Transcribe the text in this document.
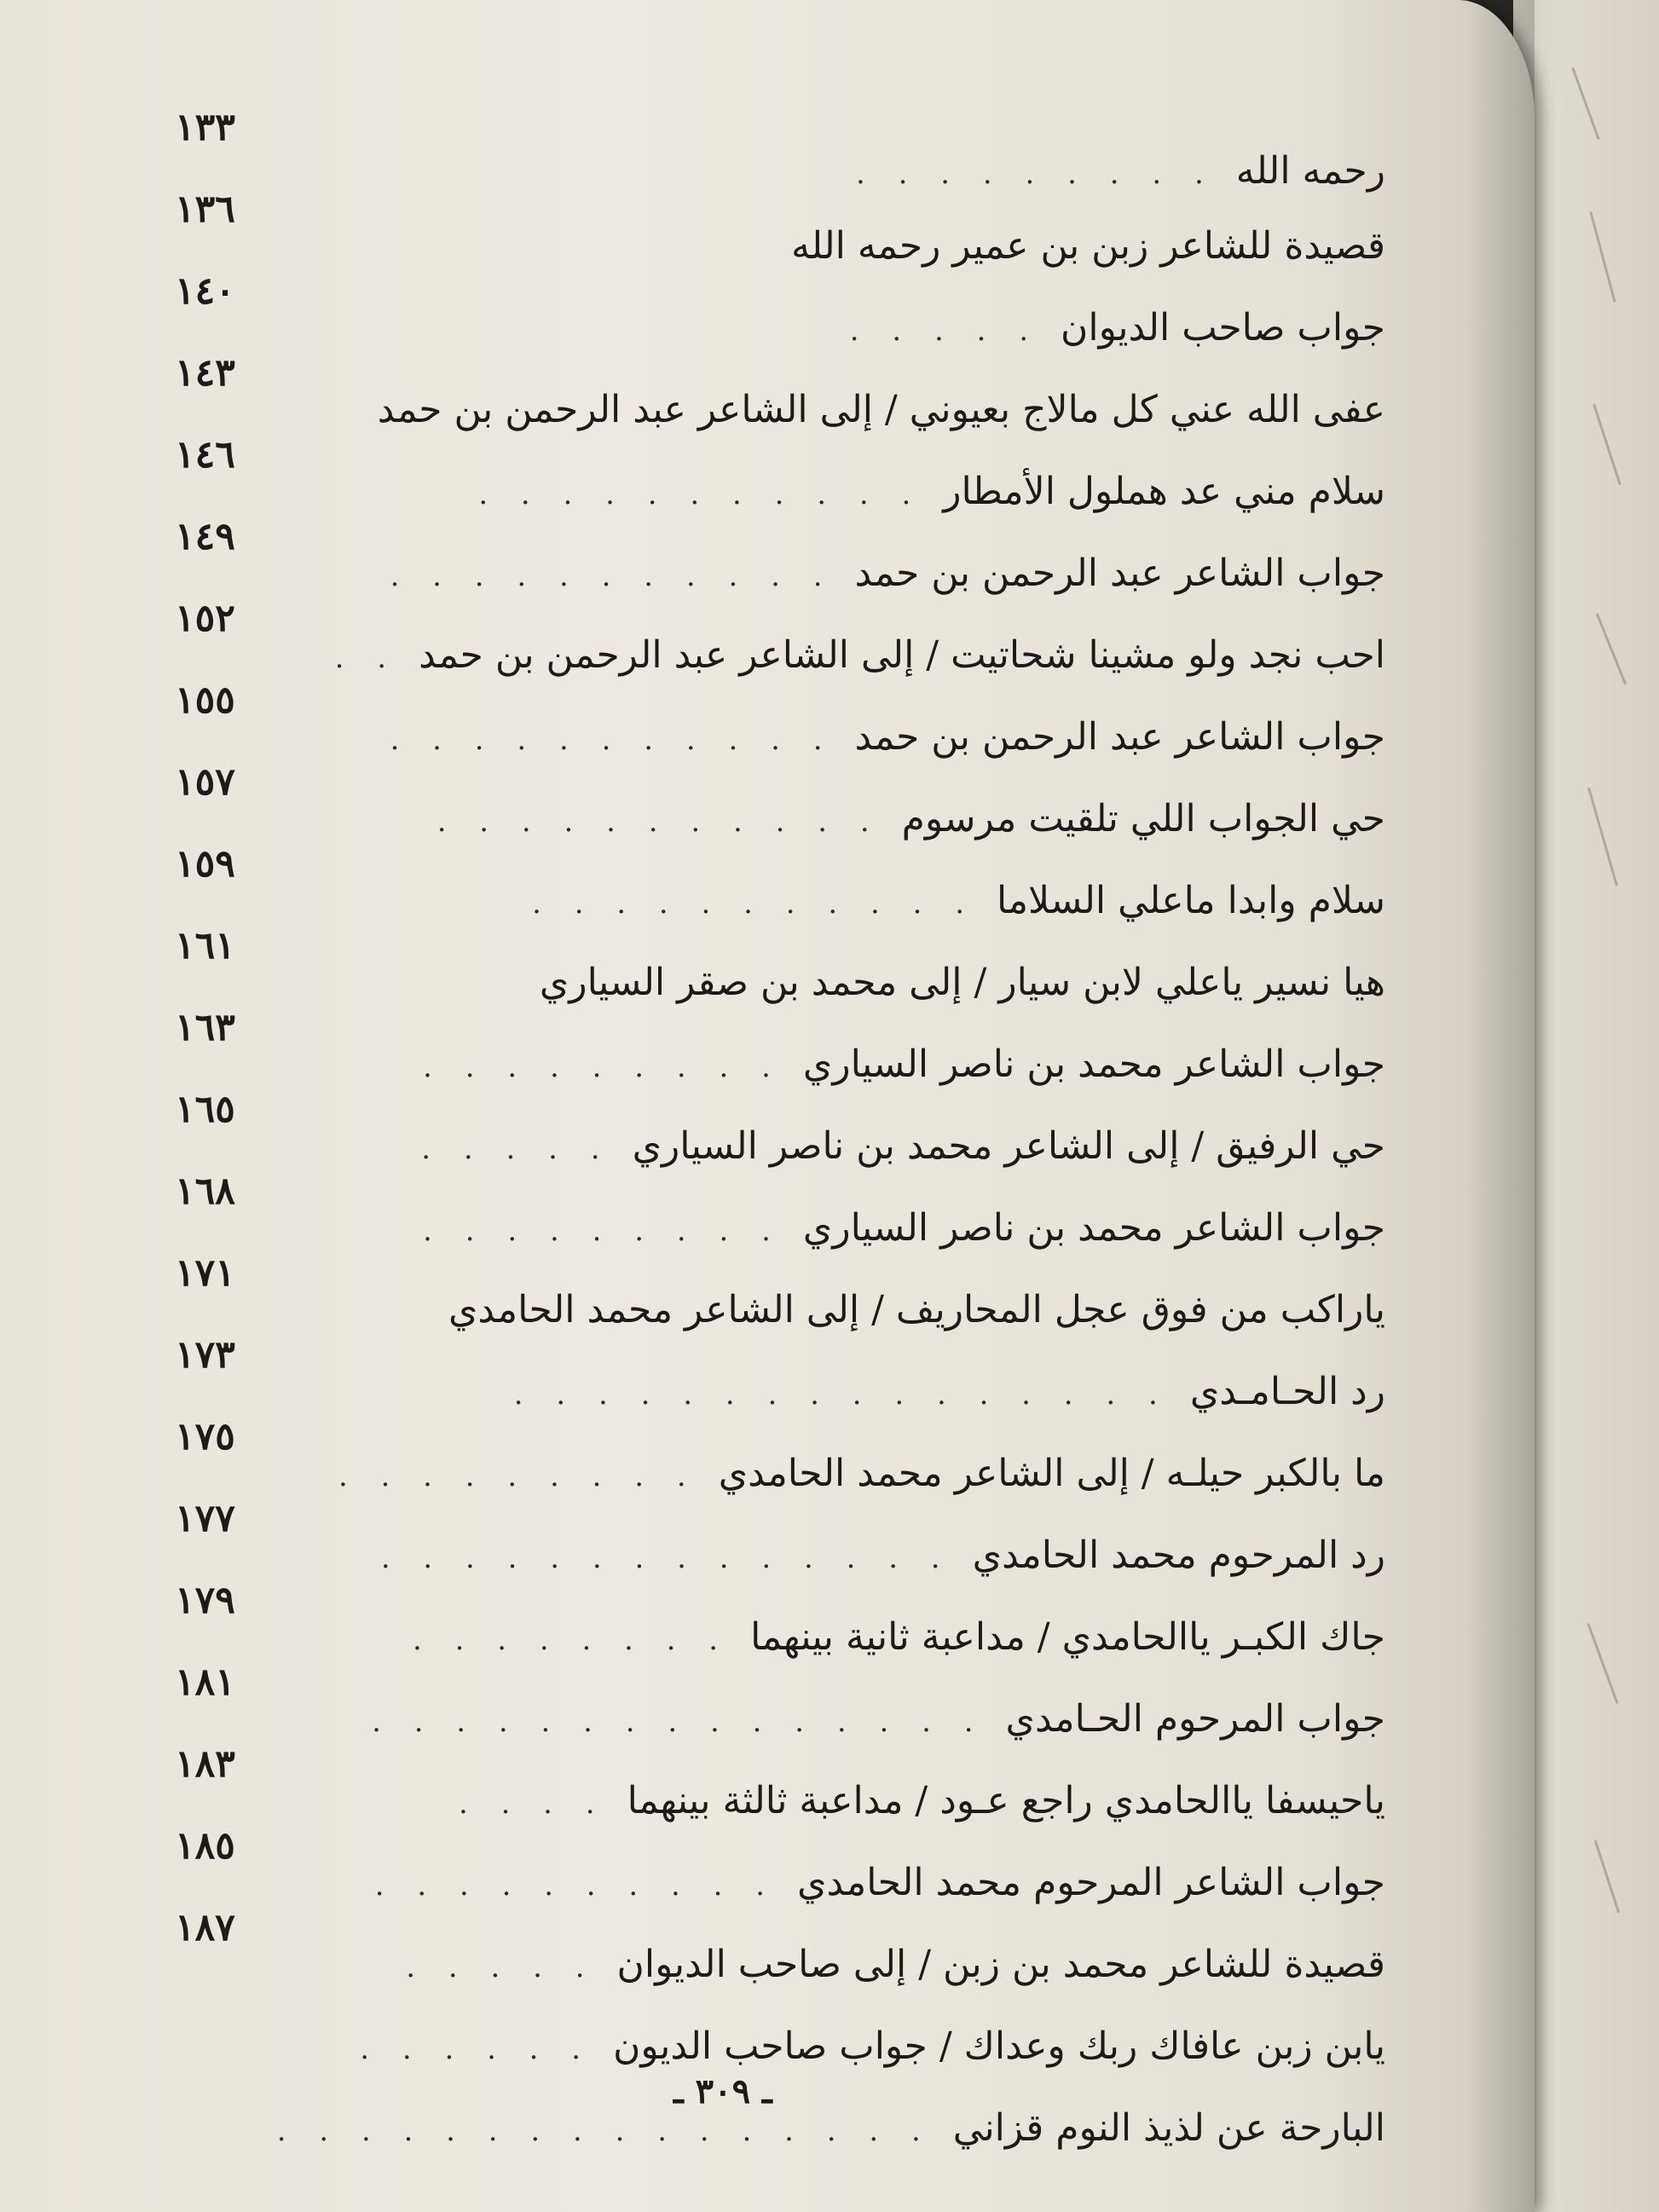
١٣٣
رحمه الله
. . . . . . . . .
١٣٦
قصيدة للشاعر زبن بن عمير رحمه الله
١٤٠
جواب صاحب الديوان
. . . . .
١٤٣
عفى الله عني كل مالاج بعيوني / إلى الشاعر عبد الرحمن بن حمد
١٤٦
سلام مني عد هملول الأمطار
. . . . . . . . . . .
١٤٩
جواب الشاعر عبد الرحمن بن حمد
. . . . . . . . . . .
١٥٢
احب نجد ولو مشينا شحاتيت / إلى الشاعر عبد الرحمن بن حمد
. .
١٥٥
جواب الشاعر عبد الرحمن بن حمد
. . . . . . . . . . .
١٥٧
حي الجواب اللي تلقيت مرسوم
. . . . . . . . . . .
١٥٩
سلام وابدا ماعلي السلاما
. . . . . . . . . . .
١٦١
هيا نسير ياعلي لابن سيار / إلى محمد بن صقر السياري
١٦٣
جواب الشاعر محمد بن ناصر السياري
. . . . . . . . .
١٦٥
حي الرفيق / إلى الشاعر محمد بن ناصر السياري
. . . . .
١٦٨
جواب الشاعر محمد بن ناصر السياري
. . . . . . . . .
١٧١
ياراكب من فوق عجل المحاريف / إلى الشاعر محمد الحامدي
١٧٣
رد الحـامـدي
. . . . . . . . . . . . . . . .
١٧٥
ما بالكبر حيلـه / إلى الشاعر محمد الحامدي
. . . . . . . . .
١٧٧
رد المرحوم محمد الحامدي
. . . . . . . . . . . . . .
١٧٩
جاك الكبـر ياالحامدي / مداعبة ثانية بينهما
. . . . . . . .
١٨١
جواب المرحوم الحـامدي
. . . . . . . . . . . . . . .
١٨٣
ياحيسفا ياالحامدي راجع عـود / مداعبة ثالثة بينهما
. . . .
١٨٥
جواب الشاعر المرحوم محمد الحامدي
. . . . . . . . . .
١٨٧
قصيدة للشاعر محمد بن زبن / إلى صاحب الديوان
. . . . .
يابن زبن عافاك ربك وعداك / جواب صاحب الديون
. . . . . .
البارحة عن لذيذ النوم قزاني
. . . . . . . . . . . . . . . .
ـ ٣٠٩ ـ
